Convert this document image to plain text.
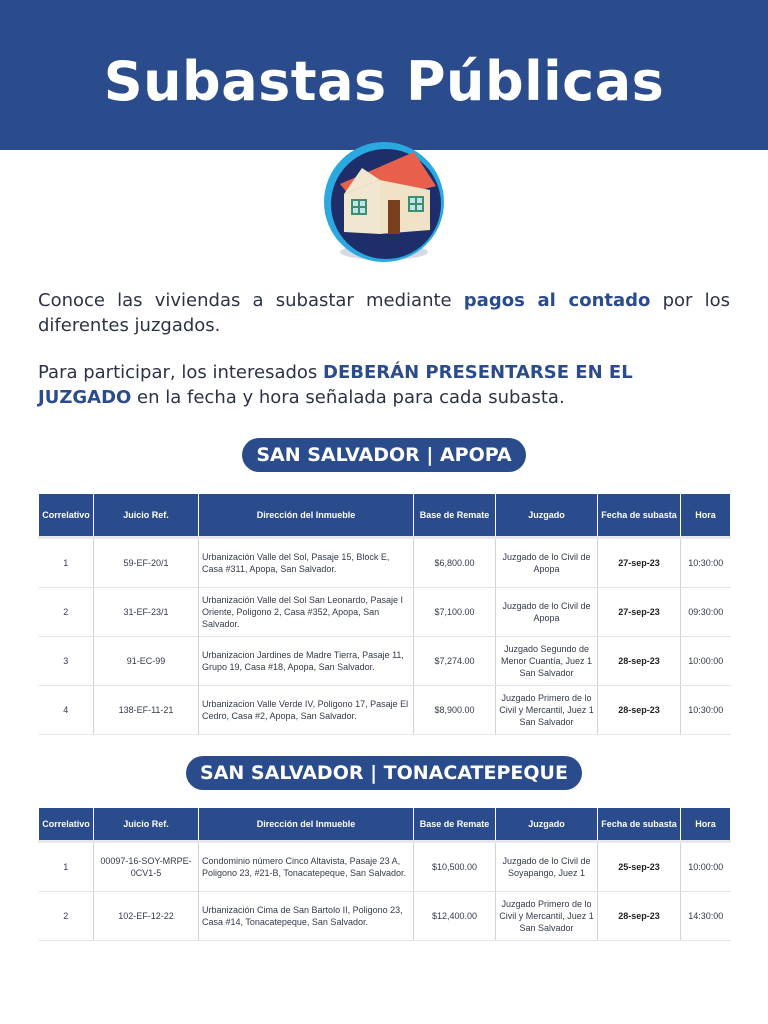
Subastas Públicas

Conoce las viviendas a subastar mediante pagos al contado por los diferentes juzgados.

Para participar, los interesados DEBERÁN PRESENTARSE EN EL JUZGADO en la fecha y hora señalada para cada subasta.

SAN SALVADOR | APOPA
Correlativo	Juicio Ref.	Dirección del Inmueble	Base de Remate	Juzgado	Fecha de subasta	Hora
1	59-EF-20/1	Urbanización Valle del Sol, Pasaje 15, Block E, Casa #311, Apopa, San Salvador.	$6,800.00	Juzgado de lo Civil de Apopa	27-sep-23	10:30:00
2	31-EF-23/1	Urbanización Valle del Sol San Leonardo, Pasaje I Oriente, Poligono 2, Casa #352, Apopa, San Salvador.	$7,100.00	Juzgado de lo Civil de Apopa	27-sep-23	09:30:00
3	91-EC-99	Urbanizacion Jardines de Madre Tierra, Pasaje 11, Grupo 19, Casa #18, Apopa, San Salvador.	$7,274.00	Juzgado Segundo de Menor Cuantía, Juez 1 San Salvador	28-sep-23	10:00:00
4	138-EF-11-21	Urbanizacion Valle Verde IV, Poligono 17, Pasaje El Cedro, Casa #2, Apopa, San Salvador.	$8,900.00	Juzgado Primero de lo Civil y Mercantil, Juez 1 San Salvador	28-sep-23	10:30:00
SAN SALVADOR | TONACATEPEQUE
Correlativo	Juicio Ref.	Dirección del Inmueble	Base de Remate	Juzgado	Fecha de subasta	Hora
1	00097-16-SOY-MRPE-0CV1-5	Condominio número Cinco Altavista, Pasaje 23 A, Poligono 23, #21-B, Tonacatepeque, San Salvador.	$10,500.00	Juzgado de lo Civil de Soyapango, Juez 1	25-sep-23	10:00:00
2	102-EF-12-22	Urbanización Cima de San Bartolo II, Poligono 23, Casa #14, Tonacatepeque, San Salvador.	$12,400.00	Juzgado Primero de lo Civil y Mercantil, Juez 1 San Salvador	28-sep-23	14:30:00
